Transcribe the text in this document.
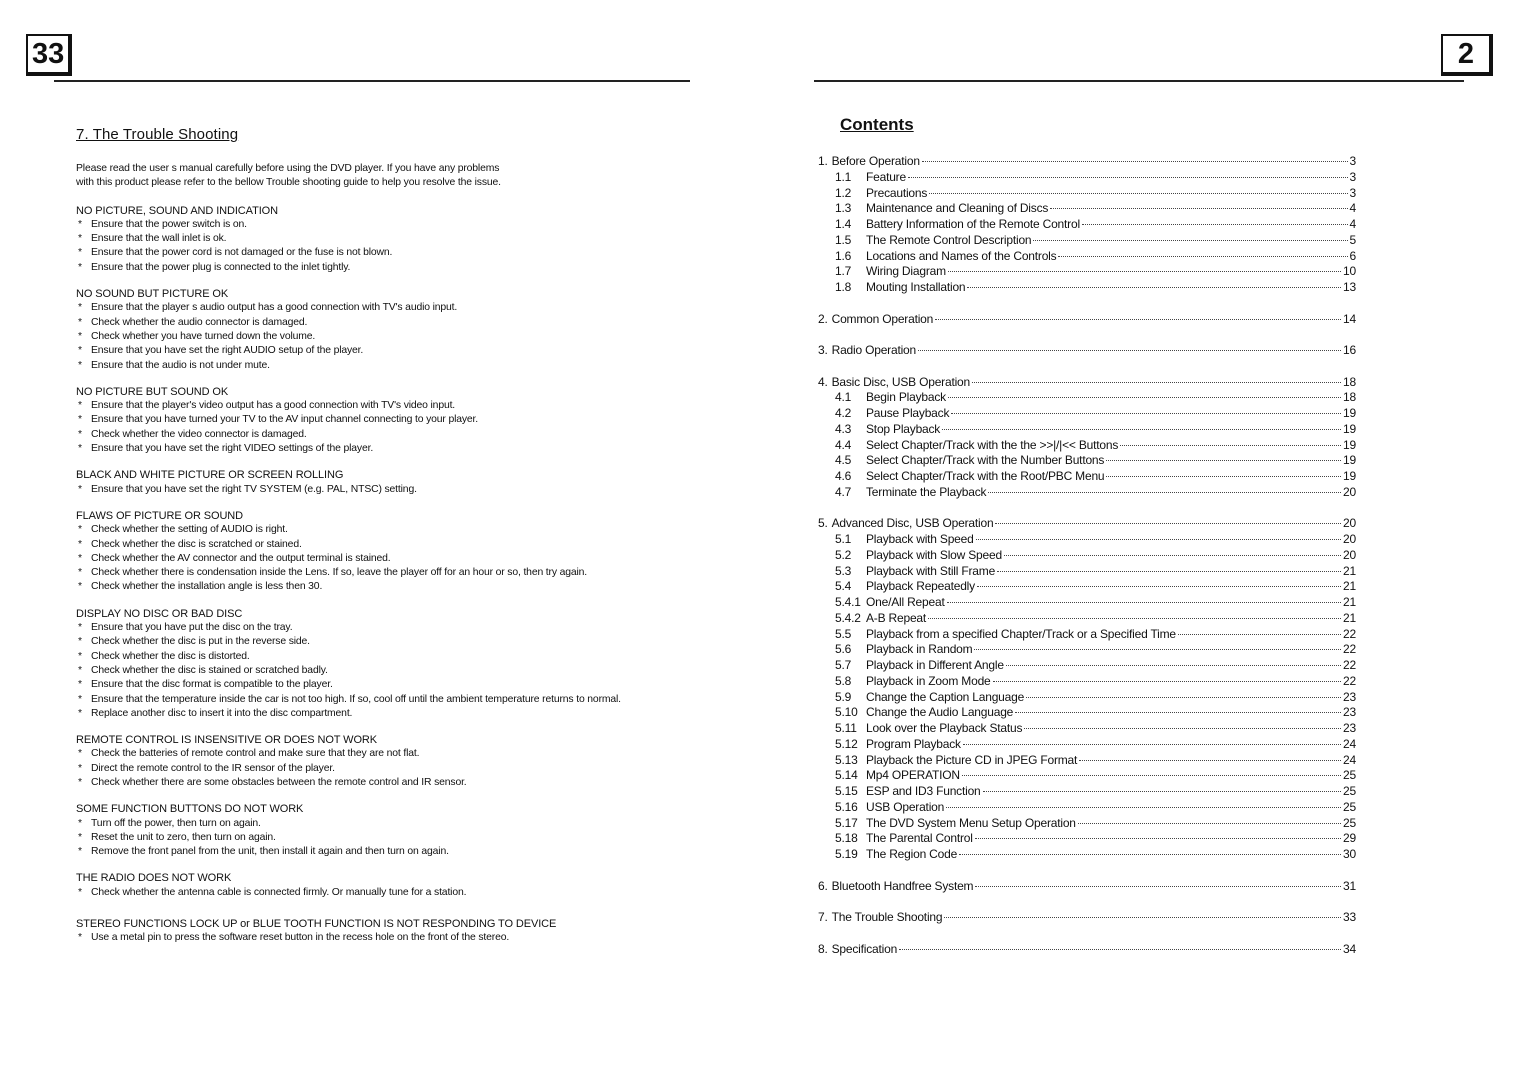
33
7. The Trouble Shooting
Please read the user s manual carefully before using the DVD player. If you have any problems
with this product please refer to the bellow Trouble shooting guide to help you resolve the issue.
NO PICTURE, SOUND AND INDICATION
* Ensure that the power switch is on.
* Ensure that the wall inlet is ok.
* Ensure that the power cord is not damaged or the fuse is not blown.
* Ensure that the power plug is connected to the inlet tightly.
NO SOUND BUT PICTURE OK
* Ensure that the player s audio output has a good connection with TV's audio input.
* Check whether the audio connector is damaged.
* Check whether you have turned down the volume.
* Ensure that you have set the right AUDIO setup of the player.
* Ensure that the audio is not under mute.
NO PICTURE BUT SOUND OK
* Ensure that the player's video output has a good connection with TV's video input.
* Ensure that you have turned your TV to the AV input channel connecting to your player.
* Check whether the video connector is damaged.
* Ensure that you have set the right VIDEO settings of the player.
BLACK AND WHITE PICTURE OR SCREEN ROLLING
* Ensure that you have set the right TV SYSTEM (e.g. PAL, NTSC) setting.
FLAWS OF PICTURE OR SOUND
* Check whether the setting of AUDIO is right.
* Check whether the disc is scratched or stained.
* Check whether the AV connector and the output terminal is stained.
* Check whether there is condensation inside the Lens. If so, leave the player off for an hour or so, then try again.
* Check whether the installation angle is less then 30.
DISPLAY NO DISC OR BAD DISC
* Ensure that you have put the disc on the tray.
* Check whether the disc is put in the reverse side.
* Check whether the disc is distorted.
* Check whether the disc is stained or scratched badly.
* Ensure that the disc format is compatible to the player.
* Ensure that the temperature inside the car is not too high. If so, cool off until the ambient temperature returns to normal.
* Replace another disc to insert it into the disc compartment.
REMOTE CONTROL IS INSENSITIVE OR DOES NOT WORK
* Check the batteries of remote control and make sure that they are not flat.
* Direct the remote control to the IR sensor of the player.
* Check whether there are some obstacles between the remote control and IR sensor.
SOME FUNCTION BUTTONS DO NOT WORK
* Turn off the power, then turn on again.
* Reset the unit to zero, then turn on again.
* Remove the front panel from the unit, then install it again and then turn on again.
THE RADIO DOES NOT WORK
* Check whether the antenna cable is connected firmly. Or manually tune for a station.
STEREO FUNCTIONS LOCK UP or BLUE TOOTH FUNCTION IS NOT RESPONDING TO DEVICE
* Use a metal pin to press the software reset button in the recess hole on the front of the stereo.
2
Contents
1. Before Operation	3
1.1	Feature	3
1.2	Precautions	3
1.3	Maintenance and Cleaning of Discs	4
1.4	Battery Information of the Remote Control	4
1.5	The Remote Control Description	5
1.6	Locations and Names of the Controls	6
1.7	Wiring Diagram	10
1.8	Mouting Installation	13
2. Common Operation	14
3. Radio Operation	16
4. Basic Disc, USB Operation	18
4.1	Begin Playback	18
4.2	Pause Playback	19
4.3	Stop Playback	19
4.4	Select Chapter/Track with the the >>|/|<< Buttons	19
4.5	Select Chapter/Track with the Number Buttons	19
4.6	Select Chapter/Track with the Root/PBC Menu	19
4.7	Terminate the Playback	20
5. Advanced Disc, USB Operation	20
5.1	Playback with Speed	20
5.2	Playback with Slow Speed	20
5.3	Playback with Still Frame	21
5.4	Playback Repeatedly	21
5.4.1 One/All Repeat	21
5.4.2 A-B Repeat	21
5.5	Playback from a specified Chapter/Track or a Specified Time	22
5.6	Playback in Random	22
5.7	Playback in Different Angle	22
5.8	Playback in Zoom Mode	22
5.9	Change the Caption Language	23
5.10 Change the Audio Language	23
5.11 Look over the Playback Status	23
5.12 Program Playback	24
5.13 Playback the Picture CD in JPEG Format	24
5.14 Mp4 OPERATION	25
5.15 ESP and ID3 Function	25
5.16 USB Operation	25
5.17 The DVD System Menu Setup Operation	25
5.18 The Parental Control	29
5.19 The Region Code	30
6. Bluetooth Handfree System	31
7. The Trouble Shooting	33
8. Specification	34
